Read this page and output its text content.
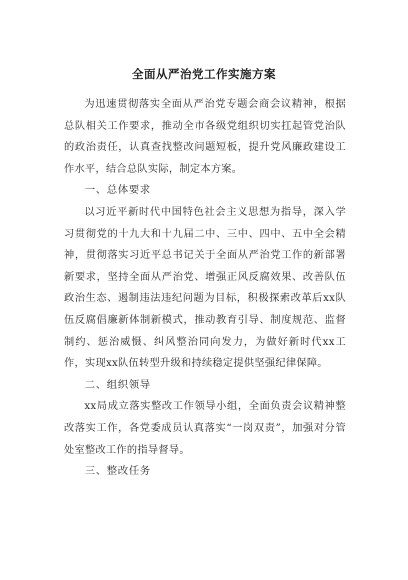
全面从严治党工作实施方案

为迅速贯彻落实全面从严治党专题会商会议精神，根据总队相关工作要求，推动全市各级党组织切实扛起管党治队的政治责任，认真查找整改问题短板，提升党风廉政建设工作水平，结合总队实际，制定本方案。

一、总体要求

以习近平新时代中国特色社会主义思想为指导，深入学习贯彻党的十九大和十九届二中、三中、四中、五中全会精神，贯彻落实习近平总书记关于全面从严治党工作的新部署新要求，坚持全面从严治党、增强正风反腐效果、改善队伍政治生态、遏制违法违纪问题为目标，积极探索改革后xx队伍反腐倡廉新体制新模式，推动教育引导、制度规范、监督制约、惩治威慑、纠风整治同向发力，为做好新时代xx工作，实现xx队伍转型升级和持续稳定提供坚强纪律保障。

二、组织领导

xx局成立落实整改工作领导小组，全面负责会议精神整改落实工作，各党委成员认真落实“一岗双责”，加强对分管处室整改工作的指导督导。

三、整改任务
